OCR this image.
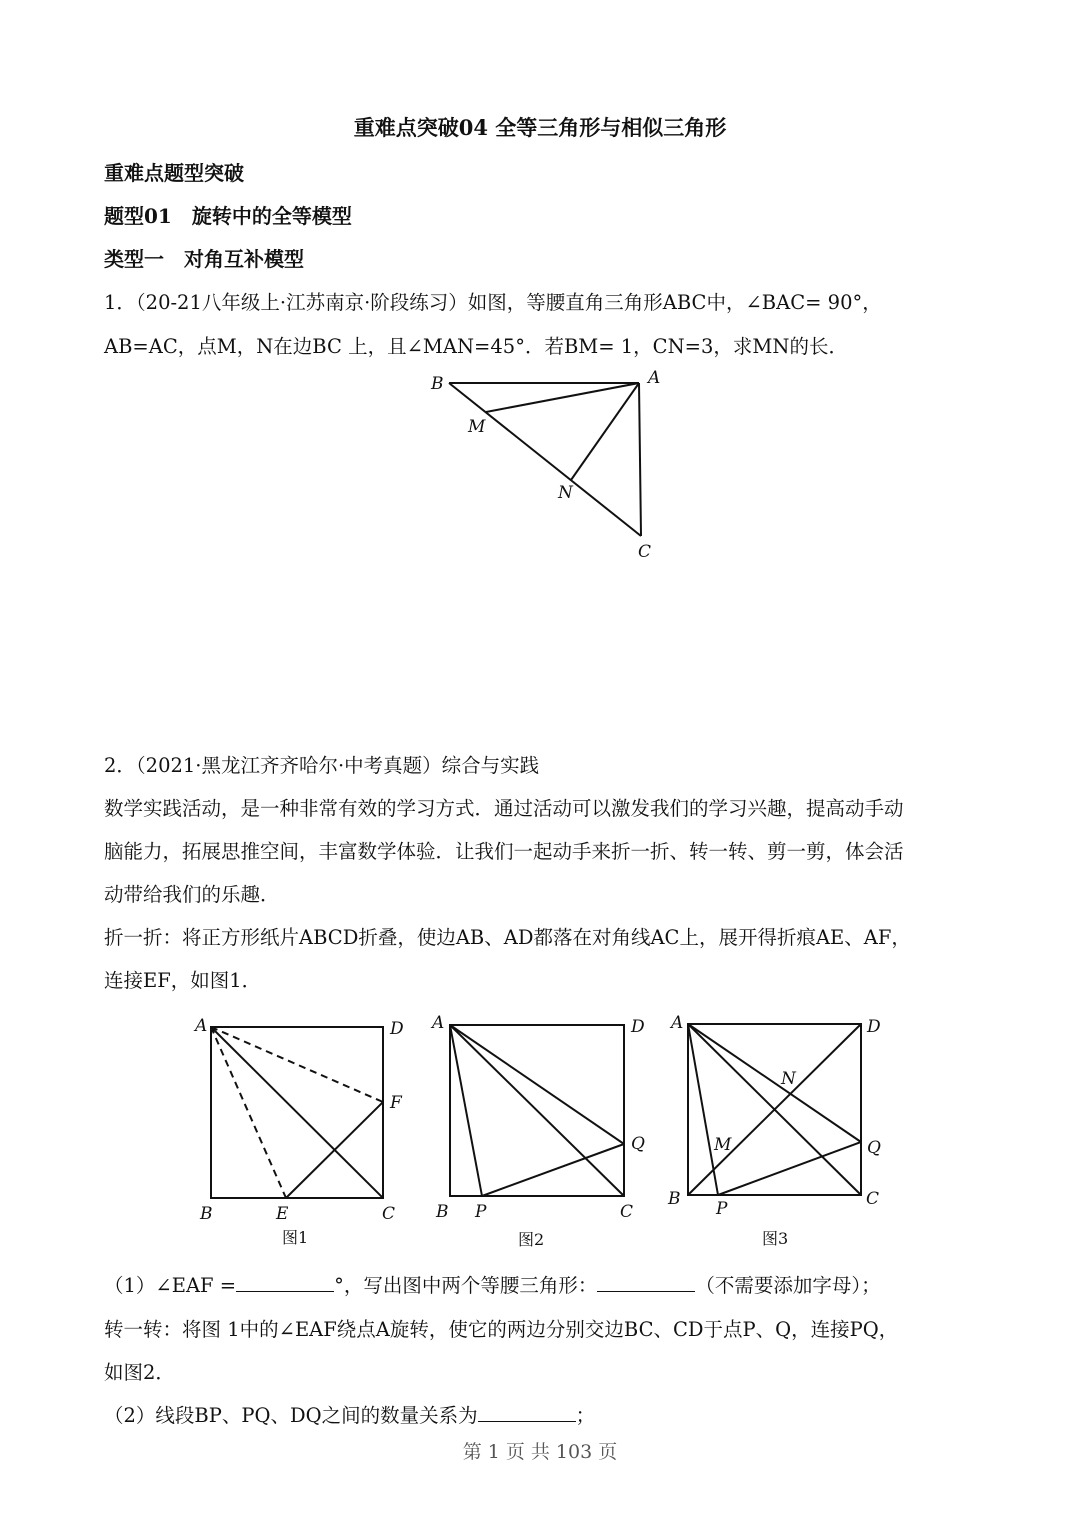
重难点突破04 全等三角形与相似三角形
重难点题型突破
题型01　旋转中的全等模型
类型一　对角互补模型
1．（20-21八年级上·江苏南京·阶段练习）如图，等腰直角三角形ABC中，∠BAC= 90°，
AB=AC，点M，N在边BC 上，且∠MAN=45°．若BM= 1，CN=3，求MN的长．
B	A
M
N
C
2．（2021·黑龙江齐齐哈尔·中考真题）综合与实践
数学实践活动，是一种非常有效的学习方式．通过活动可以激发我们的学习兴趣，提高动手动
脑能力，拓展思推空间，丰富数学体验．让我们一起动手来折一折、转一转、剪一剪，体会活
动带给我们的乐趣．
折一折：将正方形纸片ABCD折叠，使边AB、AD都落在对角线AC上，展开得折痕AE、AF，
连接EF，如图1．
A	D
F
B	E	C
图1
A	D
Q
B P	C
图2
A	D
N
M	Q
B P	C
图3
（1）∠EAF =	°，写出图中两个等腰三角形：	（不需要添加字母）；
转一转：将图 1中的∠EAF绕点A旋转，使它的两边分别交边BC、CD于点P、Q，连接PQ，
如图2．
（2）线段BP、PQ、DQ之间的数量关系为	；
第 1 页 共 103 页
